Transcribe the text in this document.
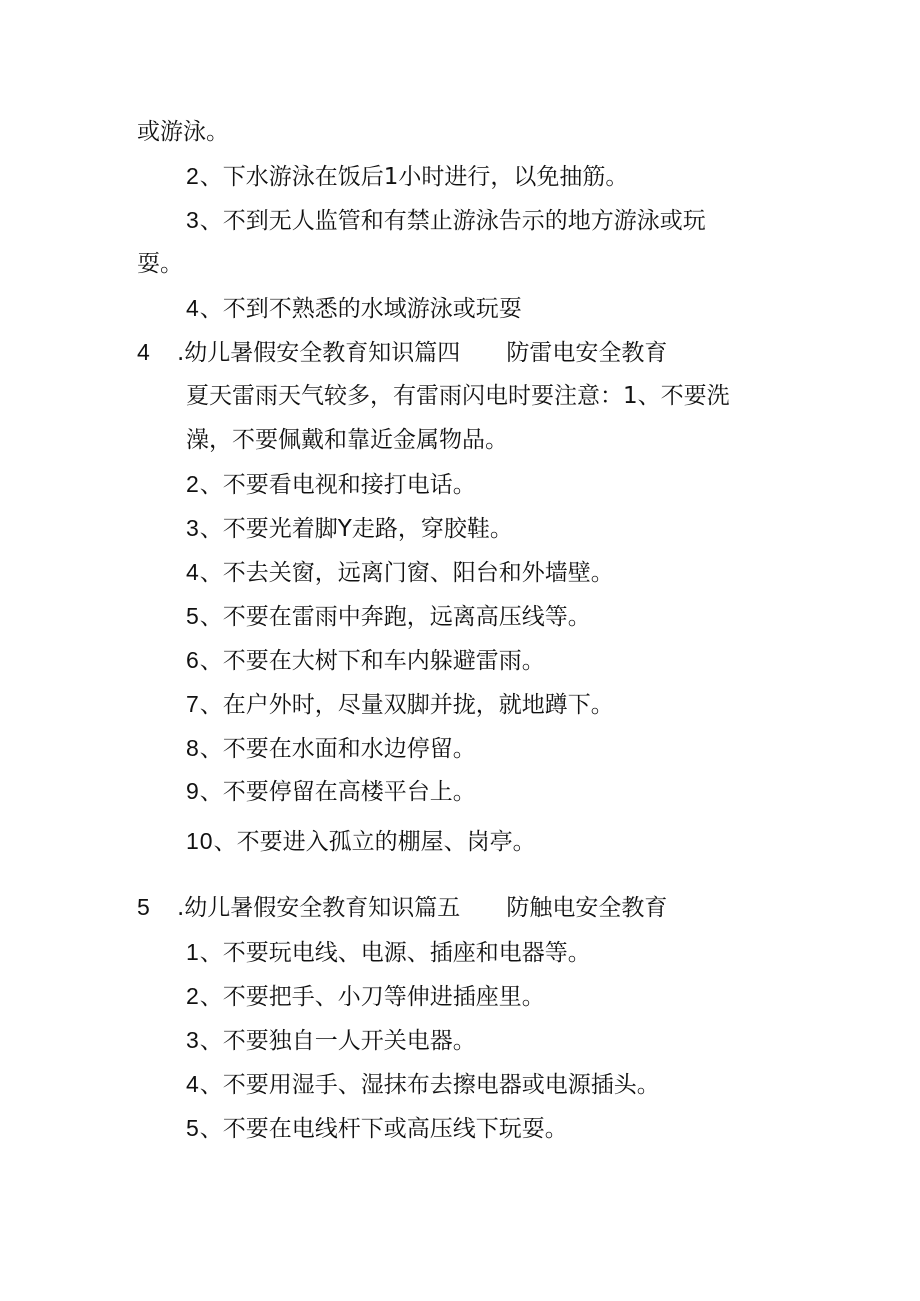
或游泳。
2、下水游泳在饭后1小时进行，以免抽筋。
3、不到无人监管和有禁止游泳告示的地方游泳或玩
耍。
4、不到不熟悉的水域游泳或玩耍
4 .幼儿暑假安全教育知识篇四 防雷电安全教育
夏天雷雨天气较多，有雷雨闪电时要注意：1、不要洗
澡，不要佩戴和靠近金属物品。
2、不要看电视和接打电话。
3、不要光着脚Y走路，穿胶鞋。
4、不去关窗，远离门窗、阳台和外墙壁。
5、不要在雷雨中奔跑，远离高压线等。
6、不要在大树下和车内躲避雷雨。
7、在户外时，尽量双脚并拢，就地蹲下。
8、不要在水面和水边停留。
9、不要停留在高楼平台上。
10、不要进入孤立的棚屋、岗亭。
5 .幼儿暑假安全教育知识篇五 防触电安全教育
1、不要玩电线、电源、插座和电器等。
2、不要把手、小刀等伸进插座里。
3、不要独自一人开关电器。
4、不要用湿手、湿抹布去擦电器或电源插头。
5、不要在电线杆下或高压线下玩耍。
